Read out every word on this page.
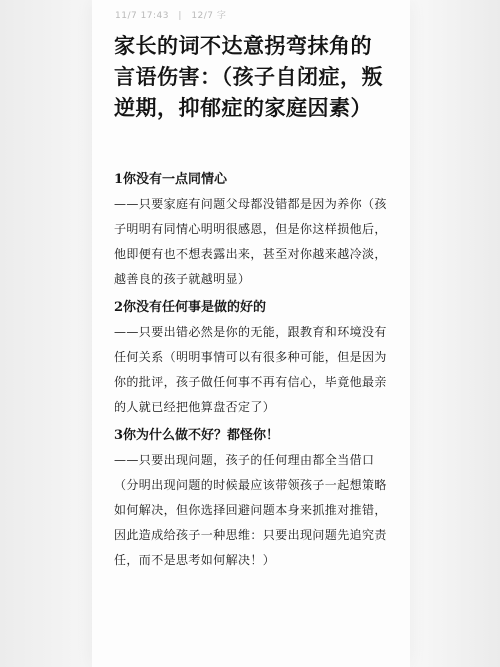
11/7 17:43 | 12/7 字
家长的词不达意拐弯抹角的言语伤害：（孩子自闭症，叛逆期，抑郁症的家庭因素）

1你没有一点同情心

——只要家庭有问题父母都没错都是因为养你（孩子明明有同情心明明很感恩，但是你这样损他后，他即便有也不想表露出来，甚至对你越来越冷淡，越善良的孩子就越明显）

2你没有任何事是做的好的

——只要出错必然是你的无能，跟教育和环境没有任何关系（明明事情可以有很多种可能，但是因为你的批评，孩子做任何事不再有信心，毕竟他最亲的人就已经把他算盘否定了）

3你为什么做不好？都怪你！

——只要出现问题，孩子的任何理由都全当借口（分明出现问题的时候最应该带领孩子一起想策略如何解决，但你选择回避问题本身来抓推对推错，因此造成给孩子一种思维：只要出现问题先追究责任，而不是思考如何解决！）
